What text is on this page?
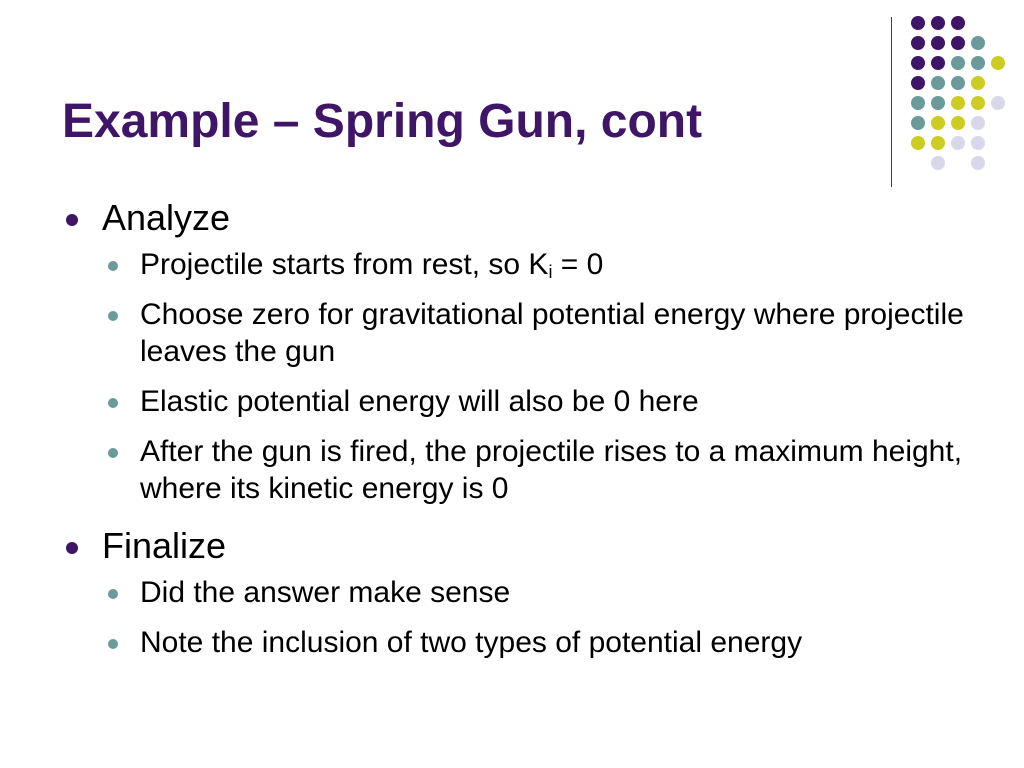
Example – Spring Gun, cont
Analyze
Projectile starts from rest, so $K_i = 0$
Choose zero for gravitational potential energy where projectile leaves the gun
Elastic potential energy will also be 0 here
After the gun is fired, the projectile rises to a maximum height, where its kinetic energy is 0
Finalize
Did the answer make sense
Note the inclusion of two types of potential energy
